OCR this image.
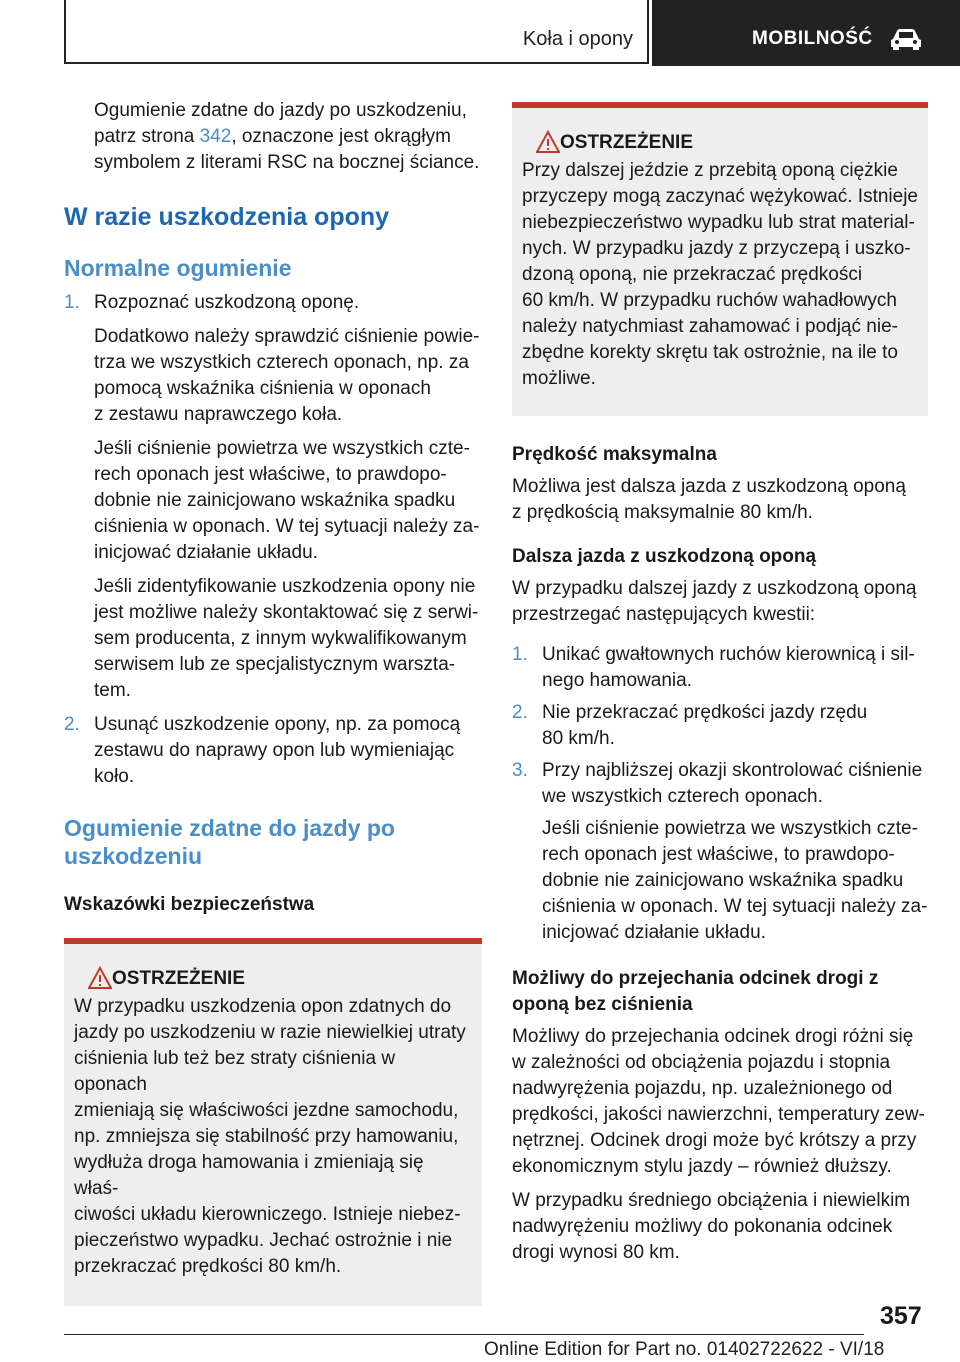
Koła i opony	MOBILNOŚĆ

Ogumienie zdatne do jazdy po uszkodzeniu,

patrz strona 342, oznaczone jest okrągłym

symbolem z literami RSC na bocznej ściance.

W razie uszkodzenia opony
Normalne ogumienie
1. Rozpoznać uszkodzoną oponę.

Dodatkowo należy sprawdzić ciśnienie powie-

trza we wszystkich czterech oponach, np. za

pomocą wskaźnika ciśnienia w oponach

z zestawu naprawczego koła.

Jeśli ciśnienie powietrza we wszystkich czte-

rech oponach jest właściwe, to prawdopo-

dobnie nie zainicjowano wskaźnika spadku

ciśnienia w oponach. W tej sytuacji należy za-

inicjować działanie układu.

Jeśli zidentyfikowanie uszkodzenia opony nie

jest możliwe należy skontaktować się z serwi-

sem producenta, z innym wykwalifikowanym

serwisem lub ze specjalistycznym warszta-

tem.

2. Usunąć uszkodzenie opony, np. za pomocą

zestawu do naprawy opon lub wymieniając

koło.

Ogumienie zdatne do jazdy po
uszkodzeniu
Wskazówki bezpieczeństwa

OSTRZEŻENIE

W przypadku uszkodzenia opon zdatnych do

jazdy po uszkodzeniu w razie niewielkiej utraty

ciśnienia lub też bez straty ciśnienia w oponach

zmieniają się właściwości jezdne samochodu,

np. zmniejsza się stabilność przy hamowaniu,

wydłuża droga hamowania i zmieniają się właś-

ciwości układu kierowniczego. Istnieje niebez-

pieczeństwo wypadku. Jechać ostrożnie i nie

przekraczać prędkości 80 km/h.

OSTRZEŻENIE

Przy dalszej jeździe z przebitą oponą ciężkie

przyczepy mogą zaczynać wężykować. Istnieje

niebezpieczeństwo wypadku lub strat material-

nych. W przypadku jazdy z przyczepą i uszko-

dzoną oponą, nie przekraczać prędkości

60 km/h. W przypadku ruchów wahadłowych

należy natychmiast zahamować i podjąć nie-

zbędne korekty skrętu tak ostrożnie, na ile to

możliwe.

Prędkość maksymalna

Możliwa jest dalsza jazda z uszkodzoną oponą

z prędkością maksymalnie 80 km/h.

Dalsza jazda z uszkodzoną oponą

W przypadku dalszej jazdy z uszkodzoną oponą

przestrzegać następujących kwestii:

1. Unikać gwałtownych ruchów kierownicą i sil-

nego hamowania.

2. Nie przekraczać prędkości jazdy rzędu

80 km/h.

3. Przy najbliższej okazji skontrolować ciśnienie

we wszystkich czterech oponach.

Jeśli ciśnienie powietrza we wszystkich czte-

rech oponach jest właściwe, to prawdopo-

dobnie nie zainicjowano wskaźnika spadku

ciśnienia w oponach. W tej sytuacji należy za-

inicjować działanie układu.

Możliwy do przejechania odcinek drogi z
oponą bez ciśnienia

Możliwy do przejechania odcinek drogi różni się

w zależności od obciążenia pojazdu i stopnia

nadwyrężenia pojazdu, np. uzależnionego od

prędkości, jakości nawierzchni, temperatury zew-

nętrznej. Odcinek drogi może być krótszy a przy

ekonomicznym stylu jazdy – również dłuższy.

W przypadku średniego obciążenia i niewielkim

nadwyrężeniu możliwy do pokonania odcinek

drogi wynosi 80 km.

357
Online Edition for Part no. 01402722622 - VI/18
